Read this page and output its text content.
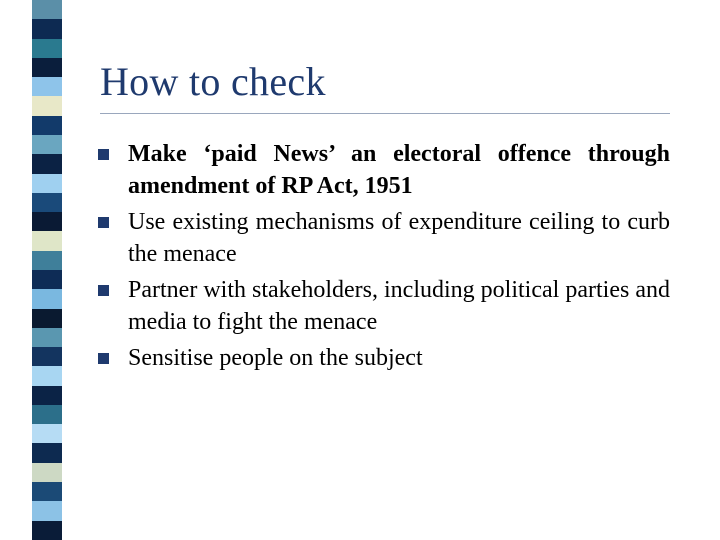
How to check
Make ‘paid News’ an electoral offence through amendment of RP Act, 1951
Use existing mechanisms of expenditure ceiling to curb the menace
Partner with stakeholders, including political parties and media to fight the menace
Sensitise people on the subject
